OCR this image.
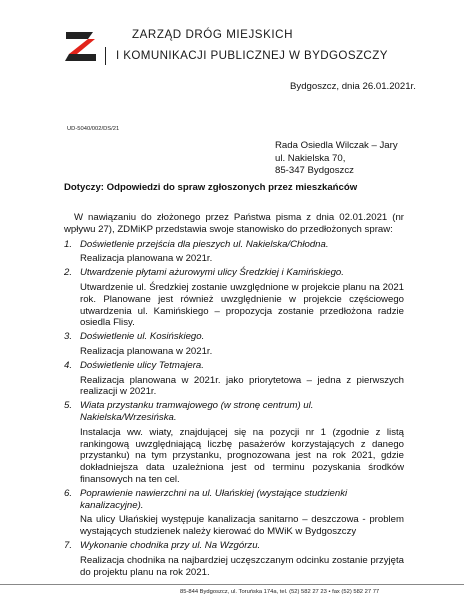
ZARZĄD DRÓG MIEJSKICH
I KOMUNIKACJI PUBLICZNEJ W BYDGOSZCZY
Bydgoszcz, dnia 26.01.2021r.
UD-5040/002/DS/21
Rada Osiedla Wilczak – Jary
ul. Nakielska 70,
85-347 Bydgoszcz
Dotyczy: Odpowiedzi do spraw zgłoszonych przez mieszkańców

W nawiązaniu do złożonego przez Państwa pisma z dnia 02.01.2021 (nr wpływu 27), ZDMiKP przedstawia swoje stanowisko do przedłożonych spraw:

1. Doświetlenie przejścia dla pieszych ul. Nakielska/Chłodna.

Realizacja planowana w 2021r.

2. Utwardzenie płytami ażurowymi ulicy Średzkiej i Kamińskiego.

Utwardzenie ul. Średzkiej zostanie uwzględnione w projekcie planu na 2021 rok. Planowane jest również uwzględnienie w projekcie częściowego utwardzenia ul. Kamińskiego – propozycja zostanie przedłożona radzie osiedla Flisy.

3. Doświetlenie ul. Kosińskiego.

Realizacja planowana w 2021r.

4. Doświetlenie ulicy Tetmajera.

Realizacja planowana w 2021r. jako priorytetowa – jedna z pierwszych realizacji w 2021r.

5. Wiata przystanku tramwajowego (w stronę centrum) ul. Nakielska/Wrzesińska.

Instalacja ww. wiaty, znajdującej się na pozycji nr 1 (zgodnie z listą rankingową uwzględniającą liczbę pasażerów korzystających z danego przystanku) na tym przystanku, prognozowana jest na rok 2021, gdzie dokładniejsza data uzależniona jest od terminu pozyskania środków finansowych na ten cel.

6. Poprawienie nawierzchni na ul. Ułańskiej (wystające studzienki kanalizacyjne).

Na ulicy Ułańskiej występuje kanalizacja sanitarno – deszczowa - problem wystających studzienek należy kierować do MWiK w Bydgoszczy

7. Wykonanie chodnika przy ul. Na Wzgórzu.

Realizacja chodnika na najbardziej uczęszczanym odcinku zostanie przyjęta do projektu planu na rok 2021.

85-844 Bydgoszcz, ul. Toruńska 174a, tel. (52) 582 27 23 • fax (52) 582 27 77
